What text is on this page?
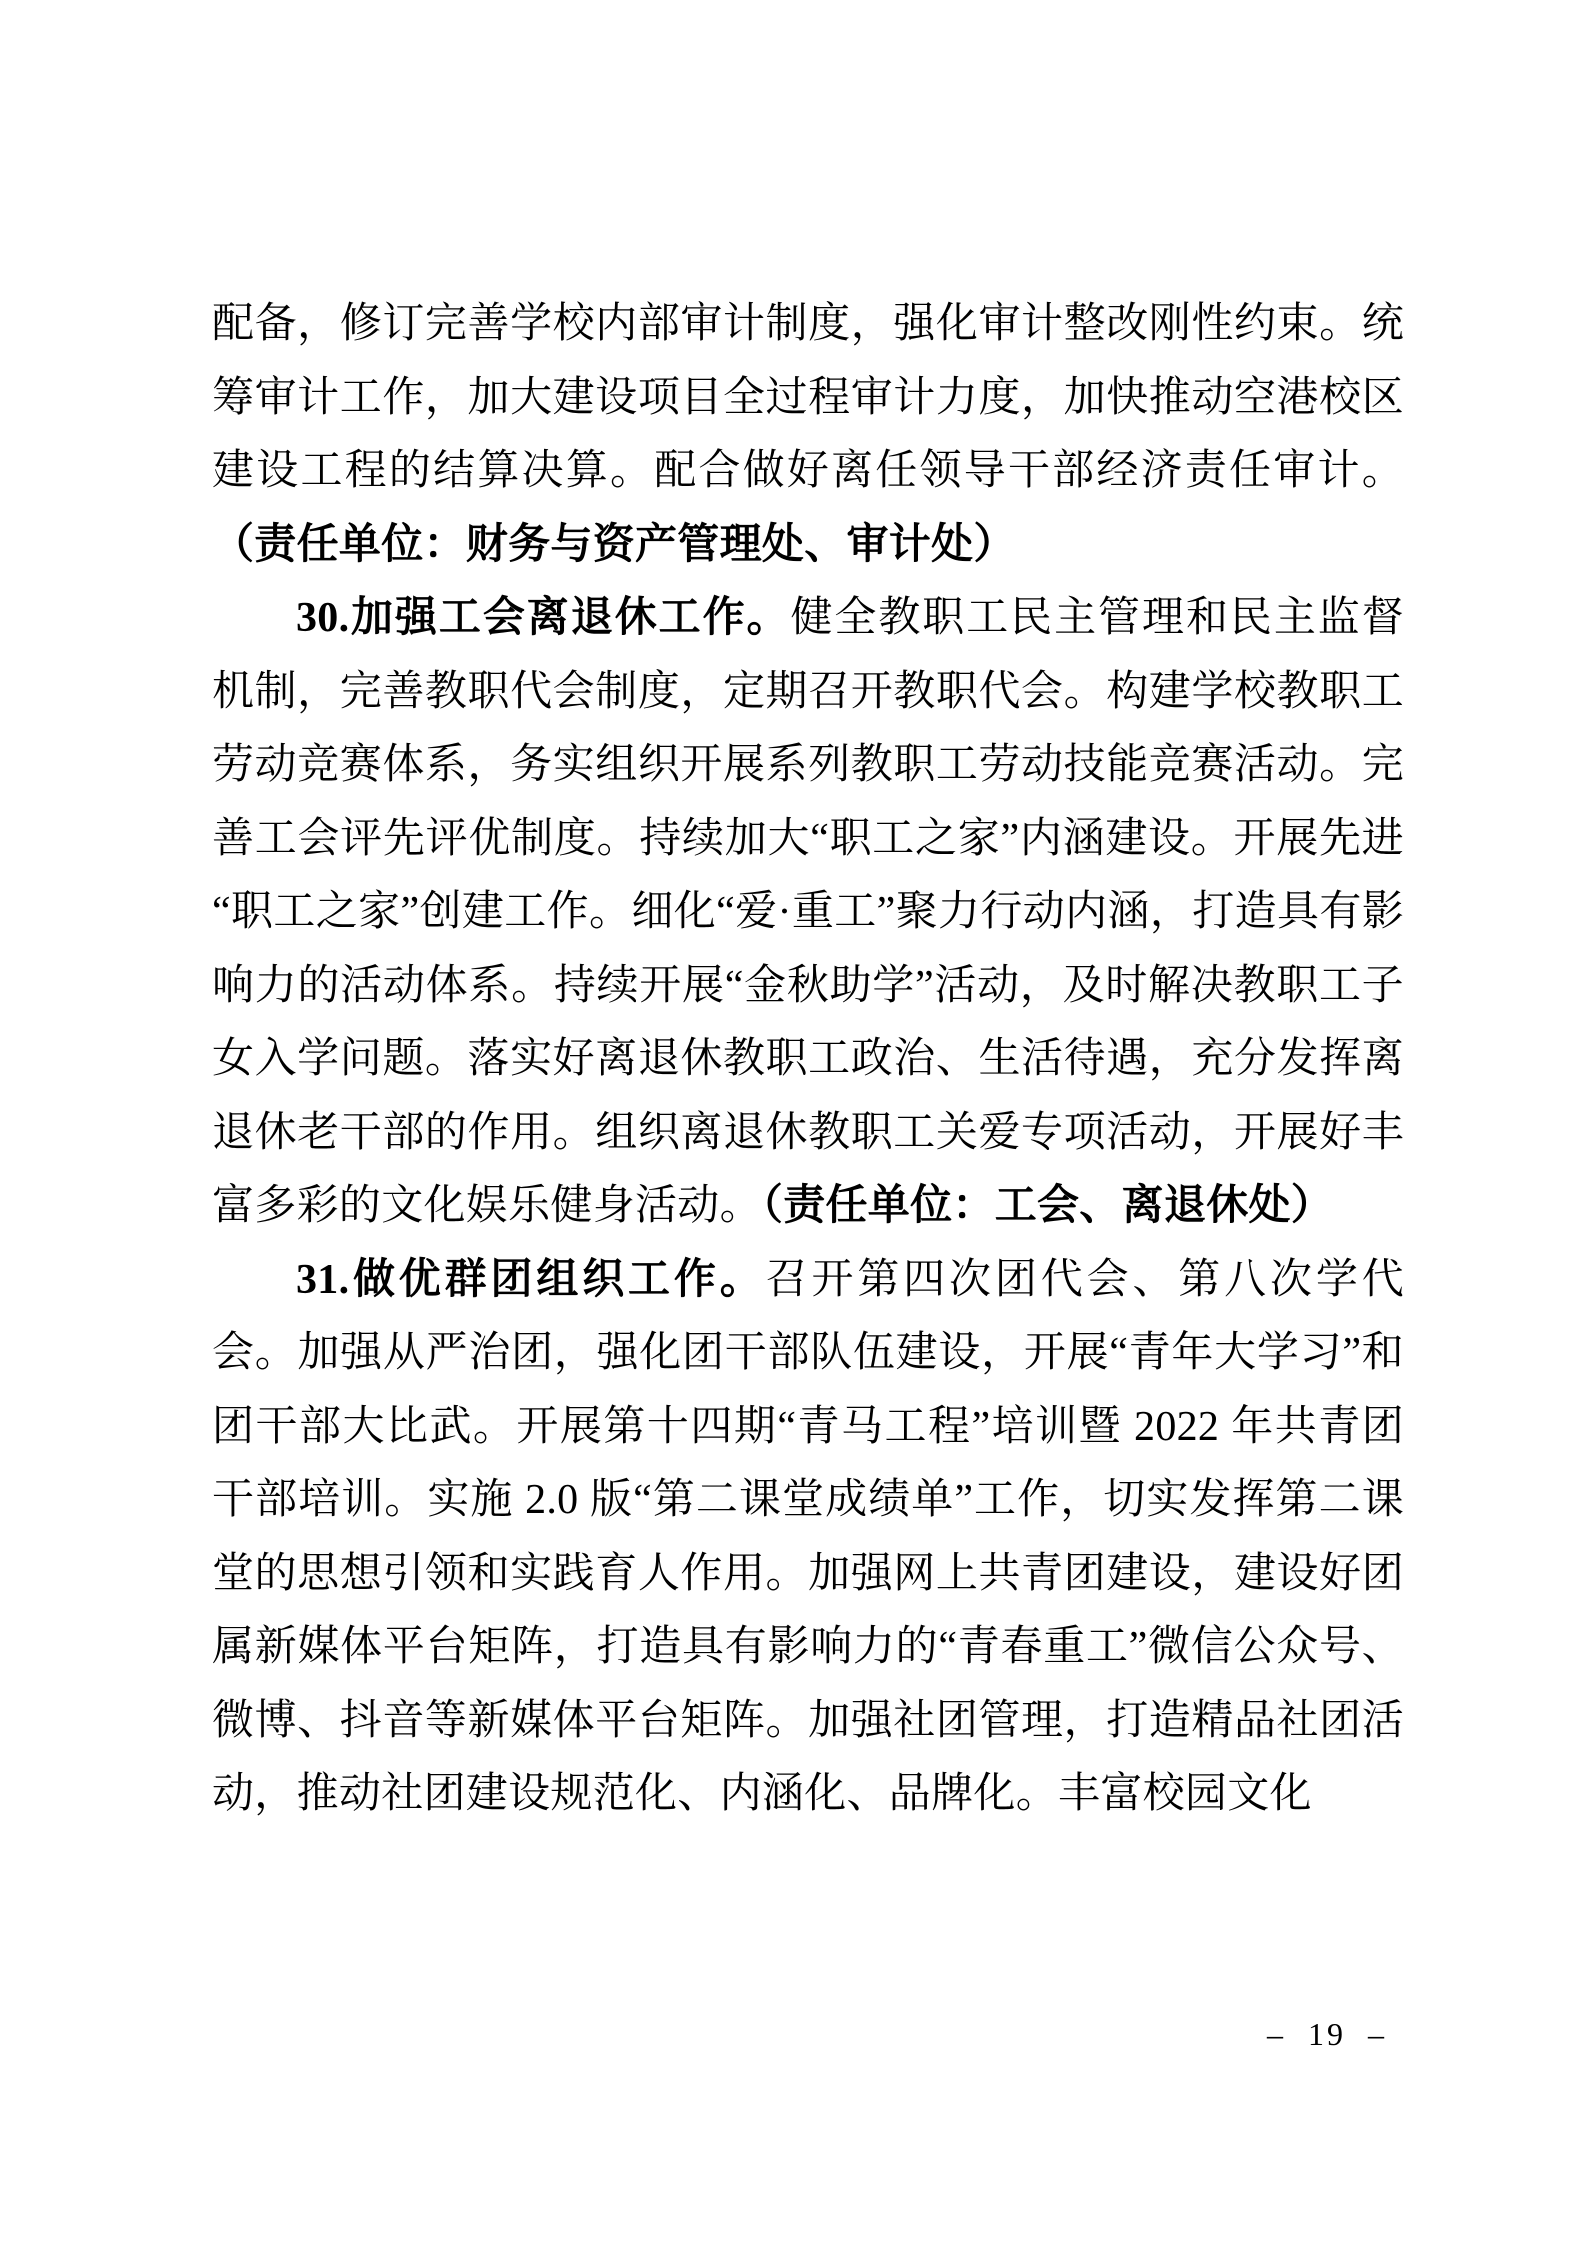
配备，修订完善学校内部审计制度，强化审计整改刚性约束。统筹审计工作，加大建设项目全过程审计力度，加快推动空港校区建设工程的结算决算。配合做好离任领导干部经济责任审计。（责任单位：财务与资产管理处、审计处）

30.加强工会离退休工作。健全教职工民主管理和民主监督机制，完善教职代会制度，定期召开教职代会。构建学校教职工劳动竞赛体系，务实组织开展系列教职工劳动技能竞赛活动。完善工会评先评优制度。持续加大“职工之家”内涵建设。开展先进“职工之家”创建工作。细化“爱·重工”聚力行动内涵，打造具有影响力的活动体系。持续开展“金秋助学”活动，及时解决教职工子女入学问题。落实好离退休教职工政治、生活待遇，充分发挥离退休老干部的作用。组织离退休教职工关爱专项活动，开展好丰富多彩的文化娱乐健身活动。（责任单位：工会、离退休处）

31.做优群团组织工作。召开第四次团代会、第八次学代会。加强从严治团，强化团干部队伍建设，开展“青年大学习”和团干部大比武。开展第十四期“青马工程”培训暨 2022 年共青团干部培训。实施 2.0 版“第二课堂成绩单”工作，切实发挥第二课堂的思想引领和实践育人作用。加强网上共青团建设，建设好团属新媒体平台矩阵，打造具有影响力的“青春重工”微信公众号、微博、抖音等新媒体平台矩阵。加强社团管理，打造精品社团活动，推动社团建设规范化、内涵化、品牌化。丰富校园文化

–  19  –
